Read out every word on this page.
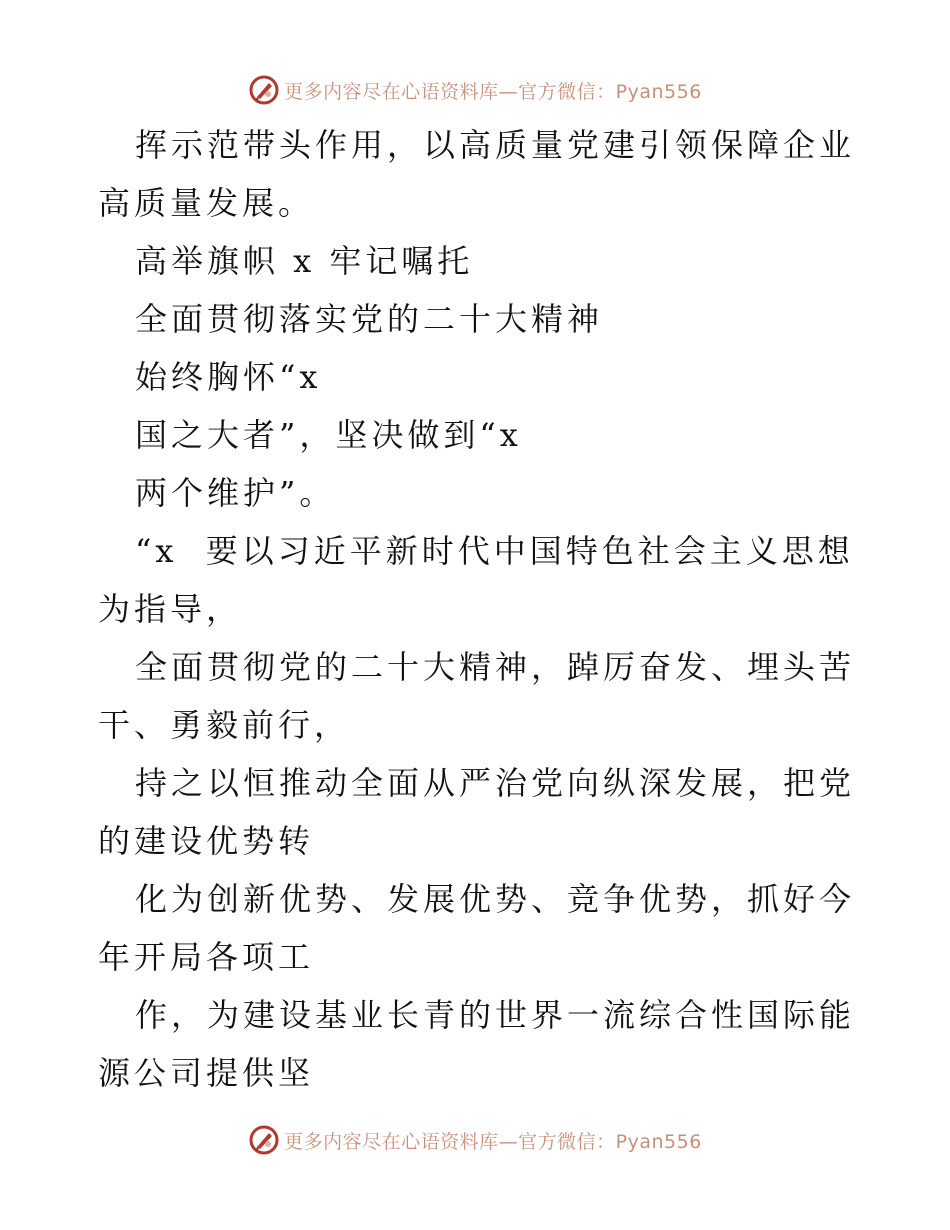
更多内容尽在心语资料库—官方微信：Pyan556

挥示范带头作用，以高质量党建引领保障企业高质量发展。

高举旗帜 x 牢记嘱托

全面贯彻落实党的二十大精神

始终胸怀“x

国之大者”，坚决做到“x

两个维护”。

“x  要以习近平新时代中国特色社会主义思想为指导，

全面贯彻党的二十大精神，踔厉奋发、埋头苦干、勇毅前行，

持之以恒推动全面从严治党向纵深发展，把党的建设优势转

化为创新优势、发展优势、竞争优势，抓好今年开局各项工

作，为建设基业长青的世界一流综合性国际能源公司提供坚

更多内容尽在心语资料库—官方微信：Pyan556
